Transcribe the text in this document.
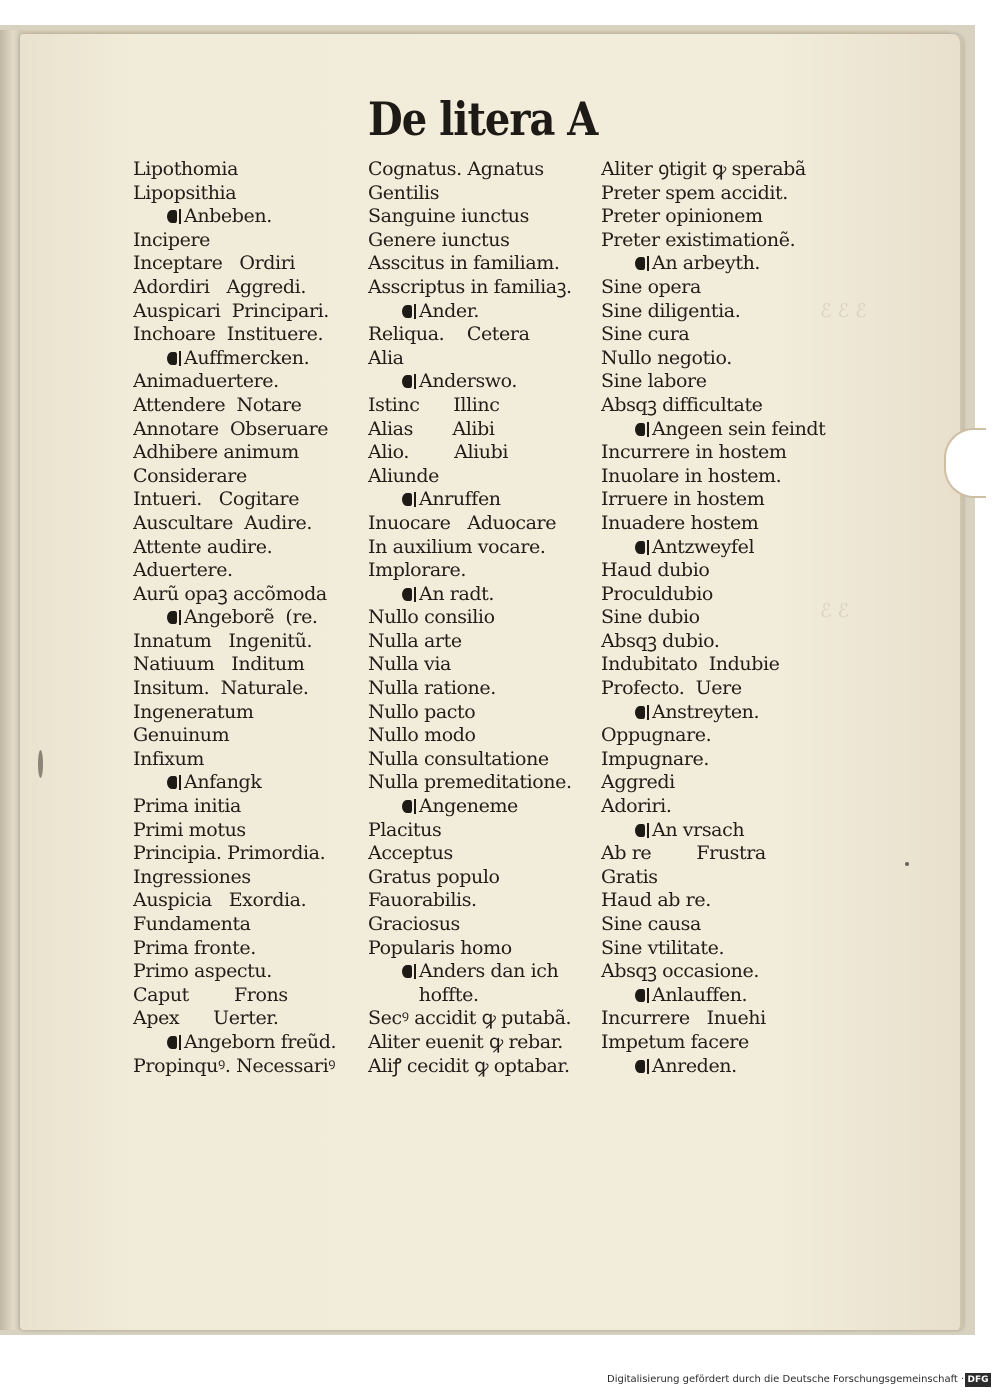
ℰ ℰ ℰ
ℰ ℰ
De litera A
Lipothomia
Lipopsithia
Anbeben.
Incipere
Inceptare   Ordiri
Adordiri   Aggredi.
Auspicari  Principari.
Inchoare  Instituere.
Auffmercken.
Animaduertere.
Attendere  Notare
Annotare  Obseruare
Adhibere animum
Considerare
Intueri.   Cogitare
Auscultare  Audire.
Attente audire.
Aduertere.
Aurũ opaꝫ accõmoda
Angeborẽ  (re.
Innatum   Ingenitũ.
Natiuum   Inditum
Insitum.  Naturale.
Ingeneratum
Genuinum
Infixum
Anfangk
Prima initia
Primi motus
Principia. Primordia.
Ingressiones
Auspicia   Exordia.
Fundamenta
Prima fronte.
Primo aspectu.
Caput        Frons
Apex      Uerter.
Angeborn freũd.
Propinquꝰ. Necessariꝰ
Cognatus. Agnatus
Gentilis
Sanguine iunctus
Genere iunctus
Asscitus in familiam.
Asscriptus in familiaꝫ.
Ander.
Reliqua.    Cetera
Alia
Anderswo.
Istinc      Illinc
Alias       Alibi
Alio.        Aliubi
Aliunde
Anruffen
Inuocare   Aduocare
In auxilium vocare.
Implorare.
An radt.
Nullo consilio
Nulla arte
Nulla via
Nulla ratione.
Nullo pacto
Nullo modo
Nulla consultatione
Nulla premeditatione.
Angeneme
Placitus
Acceptus
Gratus populo
Fauorabilis.
Graciosus
Popularis homo
Anders dan ich
hoffte.
Secꝰ accidit ꝙ putabã.
Aliter euenit ꝙ rebar.
Aliꝭ cecidit ꝙ optabar.
Aliter ꝯtigit ꝙ sperabã
Preter spem accidit.
Preter opinionem
Preter existimationẽ.
An arbeyth.
Sine opera
Sine diligentia.
Sine cura
Nullo negotio.
Sine labore
Absqꝫ difficultate
Angeen sein feindt
Incurrere in hostem
Inuolare in hostem.
Irruere in hostem
Inuadere hostem
Antzweyfel
Haud dubio
Proculdubio
Sine dubio
Absqꝫ dubio.
Indubitato  Indubie
Profecto.  Uere
Anstreyten.
Oppugnare.
Impugnare.
Aggredi
Adoriri.
An vrsach
Ab re        Frustra
Gratis
Haud ab re.
Sine causa
Sine vtilitate.
Absqꝫ occasione.
Anlauffen.
Incurrere   Inuehi
Impetum facere
Anreden.
Digitalisierung gefördert durch die Deutsche Forschungsgemeinschaft · DFG
